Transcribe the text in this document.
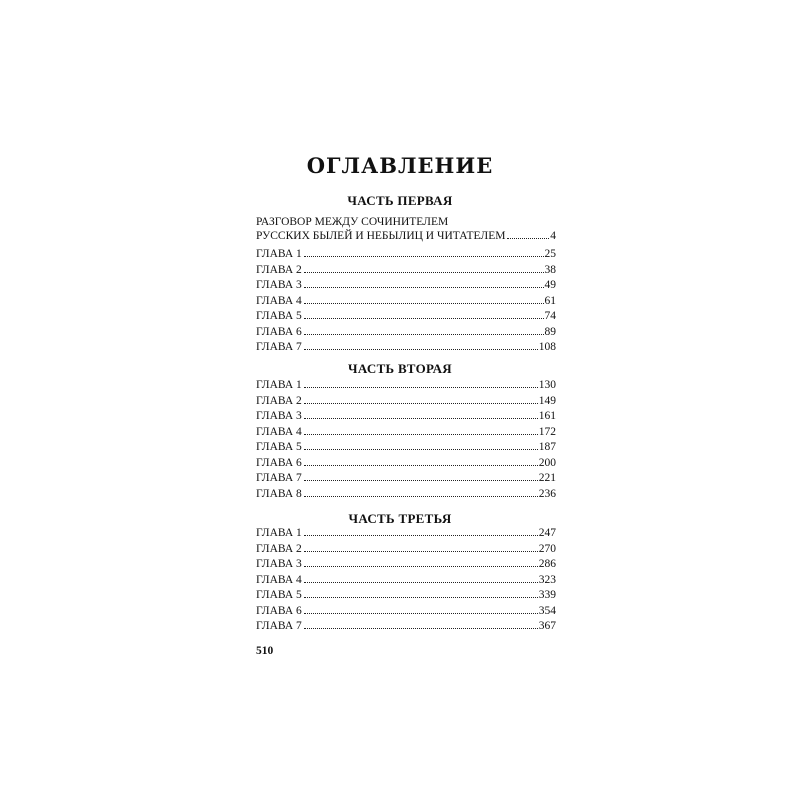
ОГЛАВЛЕНИЕ
ЧАСТЬ ПЕРВАЯ
РАЗГОВОР МЕЖДУ СОЧИНИТЕЛЕМ
РУССКИХ БЫЛЕЙ И НЕБЫЛИЦ И ЧИТАТЕЛЕМ	4
ГЛАВА 1	25
ГЛАВА 2	38
ГЛАВА 3	49
ГЛАВА 4	61
ГЛАВА 5	74
ГЛАВА 6	89
ГЛАВА 7	108
ЧАСТЬ ВТОРАЯ
ГЛАВА 1	130
ГЛАВА 2	149
ГЛАВА 3	161
ГЛАВА 4	172
ГЛАВА 5	187
ГЛАВА 6	200
ГЛАВА 7	221
ГЛАВА 8	236
ЧАСТЬ ТРЕТЬЯ
ГЛАВА 1	247
ГЛАВА 2	270
ГЛАВА 3	286
ГЛАВА 4	323
ГЛАВА 5	339
ГЛАВА 6	354
ГЛАВА 7	367
510
